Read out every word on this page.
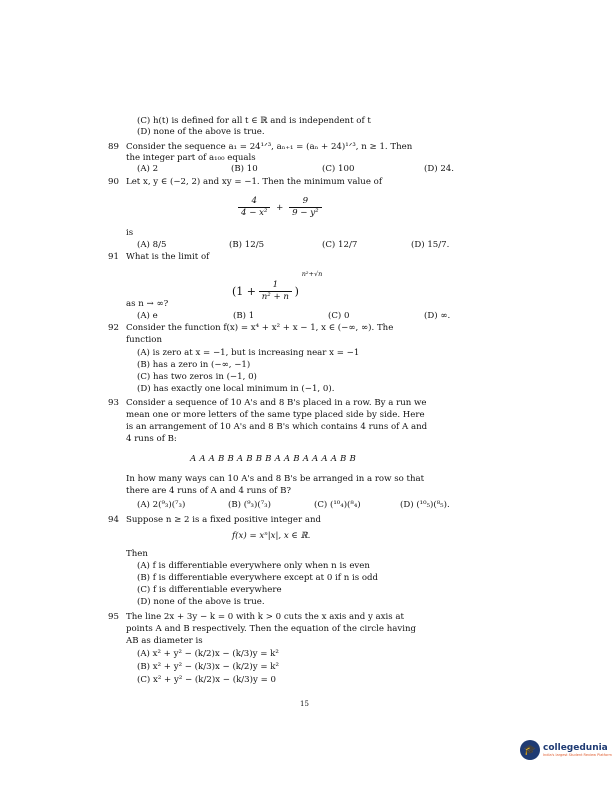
(C) h(t) is defined for all t ∈ ℝ and is independent of t
(D) none of the above is true.
89 Consider the sequence a₁ = 24¹ᐟ³, aₙ₊₁ = (aₙ + 24)¹ᐟ³, n ≥ 1. Then
the integer part of a₁₀₀ equals
(A) 2	(B) 10	(C) 100	(D) 24.
90 Let x, y ∈ (−2, 2) and xy = −1. Then the minimum value of
$\frac{4}{\text{4 − x²}} + \frac{9}{\text{9 − y²}}$
is
(A) 8/5	(B) 12/5	(C) 12/7	(D) 15/7.
91 What is the limit of
($1 + \frac{1}{\text{n² + n}}$ ) $^{n^2+√n}$
as n → ∞?
(A) e	(B) 1	(C) 0	(D) ∞.
92 Consider the function f(x) = x⁴ + x² + x − 1, x ∈ (−∞, ∞). The
function
(A) is zero at x = −1, but is increasing near x = −1
(B) has a zero in (−∞, −1)
(C) has two zeros in (−1, 0)
(D) has exactly one local minimum in (−1, 0).
93 Consider a sequence of 10 A's and 8 B's placed in a row. By a run we
mean one or more letters of the same type placed side by side. Here
is an arrangement of 10 A's and 8 B's which contains 4 runs of A and
4 runs of B:
A A A B B A B B B A A B A A A A B B
In how many ways can 10 A's and 8 B's be arranged in a row so that
there are 4 runs of A and 4 runs of B?
(A) 2(⁹₃)(⁷₃)	(B) (⁹₃)(⁷₃)	(C) (¹⁰₄)(⁸₄)	(D) (¹⁰₅)(⁸₅).
94 Suppose n ≥ 2 is a fixed positive integer and
f(x) = xⁿ|x|, x ∈ ℝ.
Then
(A) f is differentiable everywhere only when n is even
(B) f is differentiable everywhere except at 0 if n is odd
(C) f is differentiable everywhere
(D) none of the above is true.
95 The line 2x + 3y − k = 0 with k > 0 cuts the x axis and y axis at
points A and B respectively. Then the equation of the circle having
AB as diameter is
(A) x² + y² − (k/2)x − (k/3)y = k²
(B) x² + y² − (k/3)x − (k/2)y = k²
(C) x² + y² − (k/2)x − (k/3)y = 0
15
🎓 collegedunia
India's largest Student Review Platform
